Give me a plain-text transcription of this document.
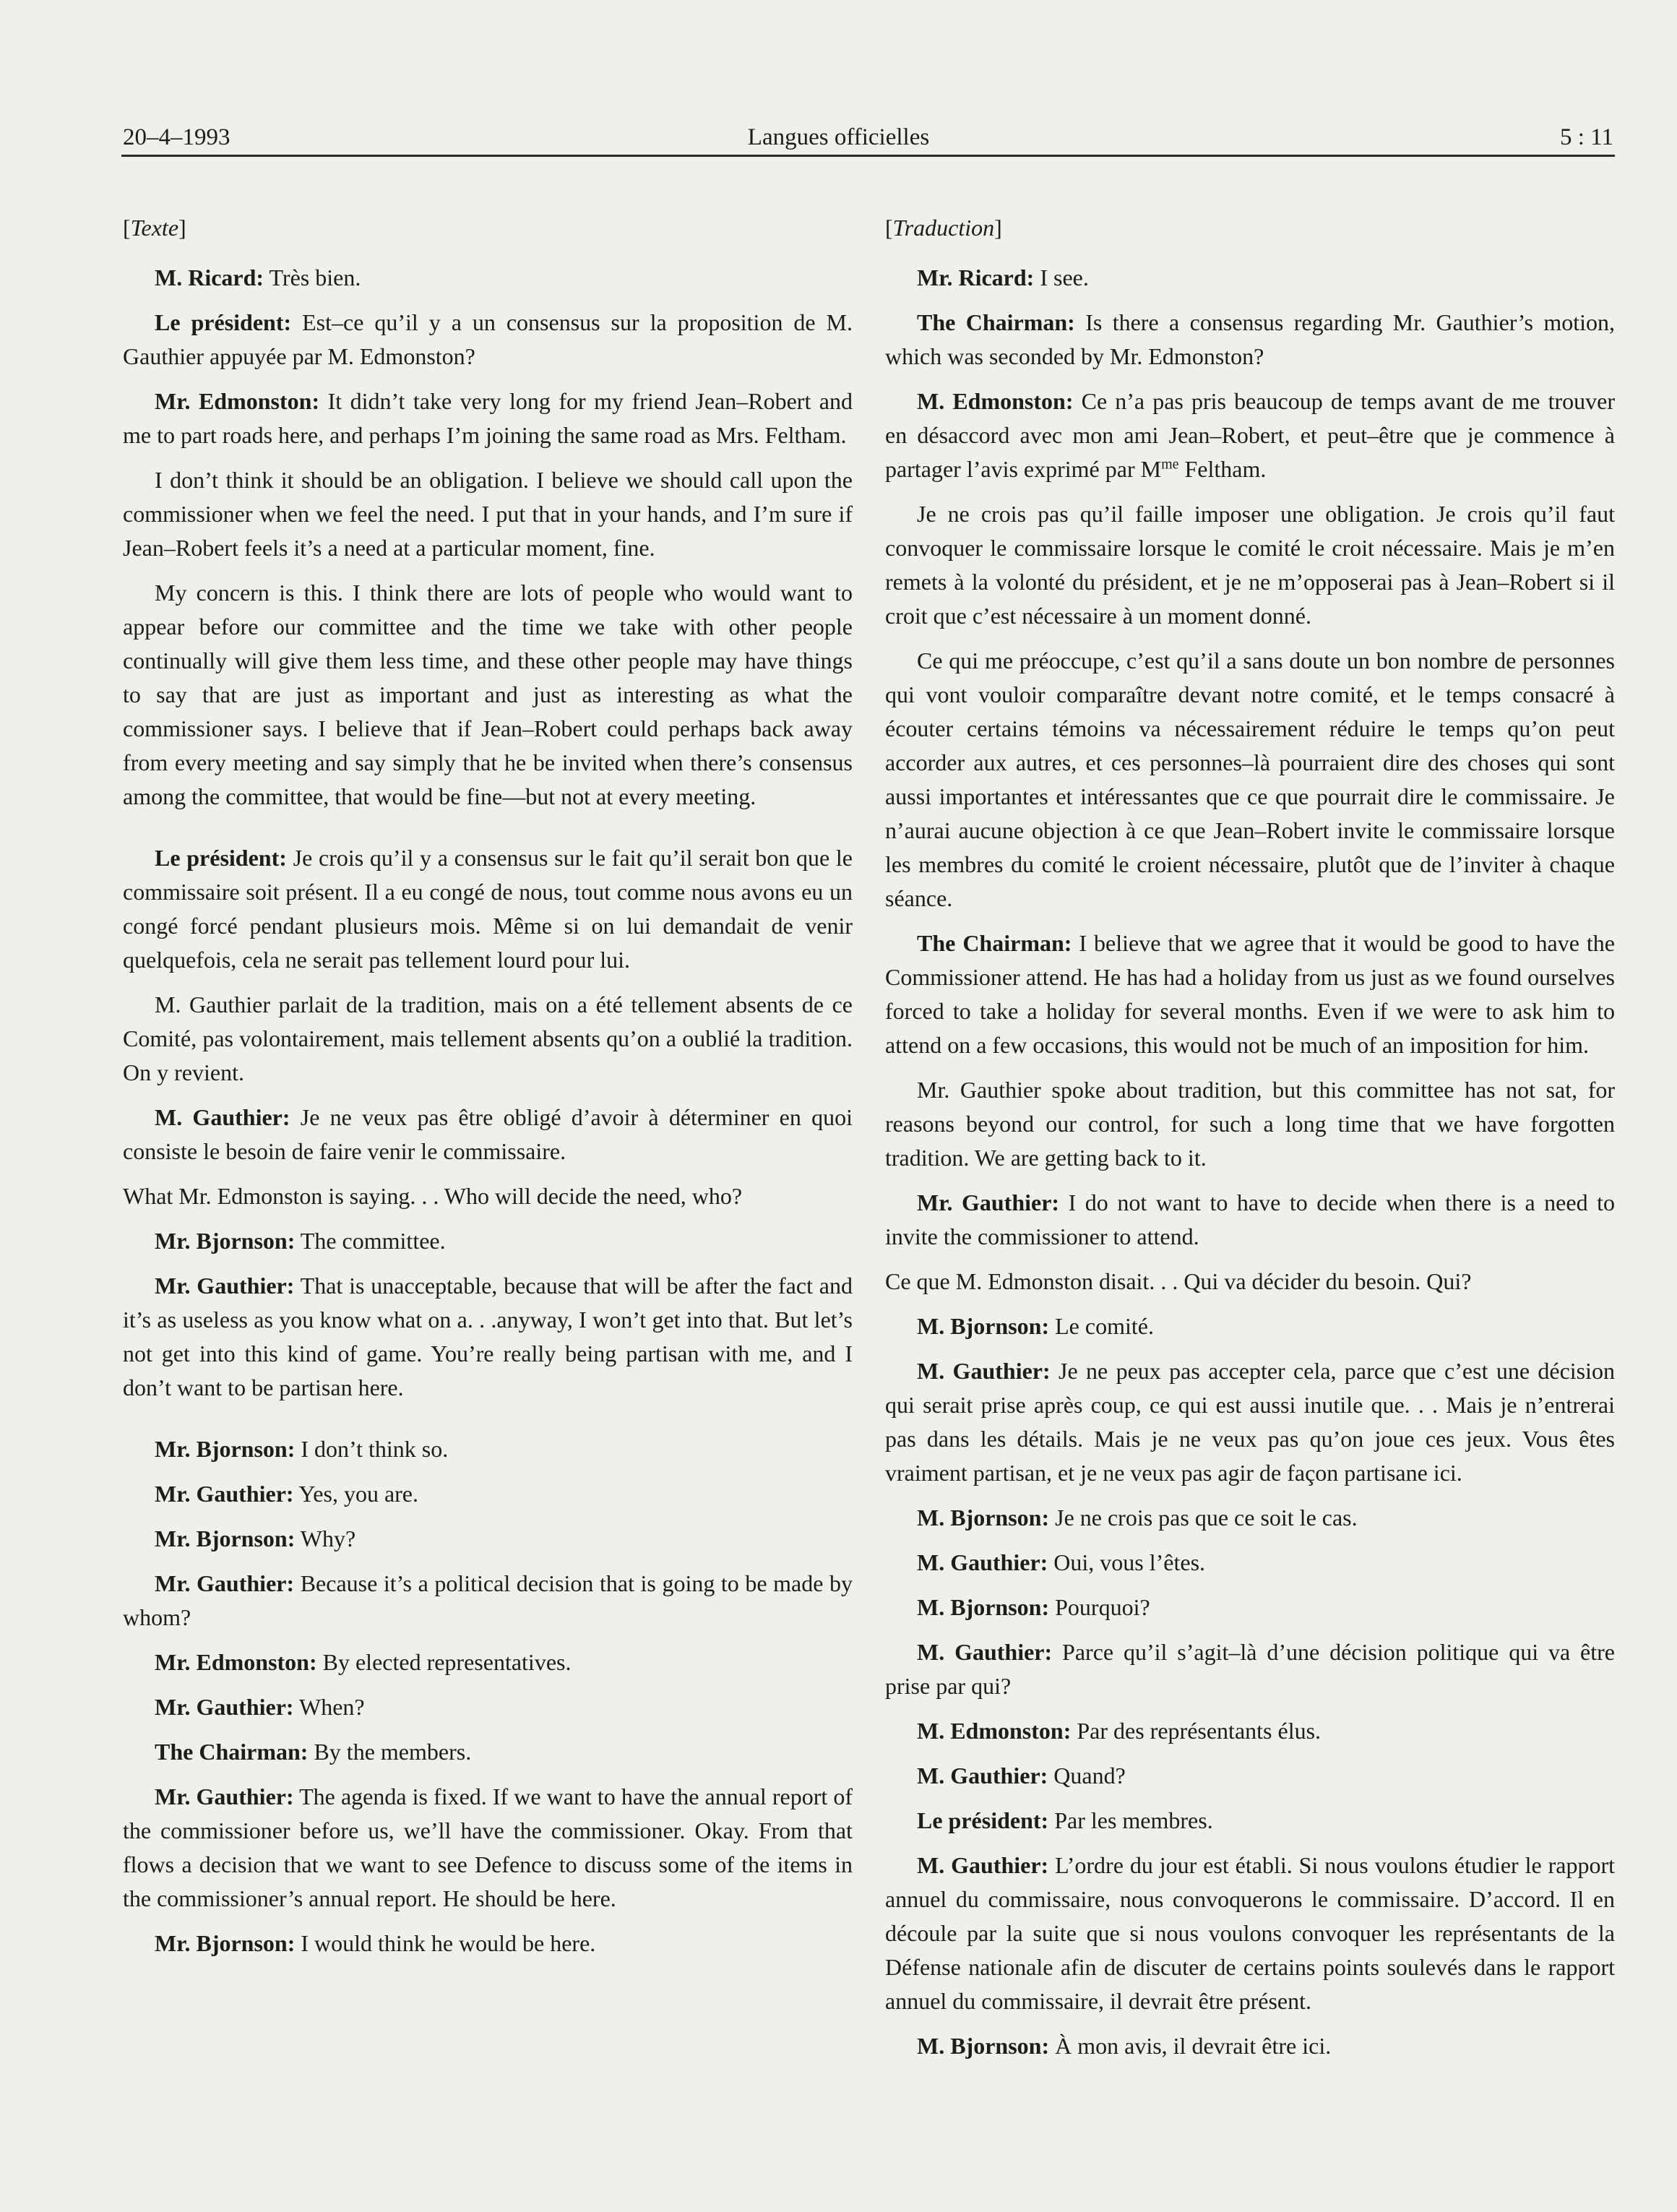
20–4–1993	Langues officielles	5 : 11
[Texte]

M. Ricard: Très bien.

Le président: Est–ce qu’il y a un consensus sur la proposition de M. Gauthier appuyée par M. Edmonston?

Mr. Edmonston: It didn’t take very long for my friend Jean–Robert and me to part roads here, and perhaps I’m joining the same road as Mrs. Feltham.

I don’t think it should be an obligation. I believe we should call upon the commissioner when we feel the need. I put that in your hands, and I’m sure if Jean–Robert feels it’s a need at a particular moment, fine.

My concern is this. I think there are lots of people who would want to appear before our committee and the time we take with other people continually will give them less time, and these other people may have things to say that are just as important and just as interesting as what the commissioner says. I believe that if Jean–Robert could perhaps back away from every meeting and say simply that he be invited when there’s consensus among the committee, that would be fine—but not at every meeting.

Le président: Je crois qu’il y a consensus sur le fait qu’il serait bon que le commissaire soit présent. Il a eu congé de nous, tout comme nous avons eu un congé forcé pendant plusieurs mois. Même si on lui demandait de venir quelquefois, cela ne serait pas tellement lourd pour lui.

M. Gauthier parlait de la tradition, mais on a été tellement absents de ce Comité, pas volontairement, mais tellement absents qu’on a oublié la tradition. On y revient.

M. Gauthier: Je ne veux pas être obligé d’avoir à déterminer en quoi consiste le besoin de faire venir le commissaire.

What Mr. Edmonston is saying. . . Who will decide the need, who?

Mr. Bjornson: The committee.

Mr. Gauthier: That is unacceptable, because that will be after the fact and it’s as useless as you know what on a. . .anyway, I won’t get into that. But let’s not get into this kind of game. You’re really being partisan with me, and I don’t want to be partisan here.

Mr. Bjornson: I don’t think so.

Mr. Gauthier: Yes, you are.

Mr. Bjornson: Why?

Mr. Gauthier: Because it’s a political decision that is going to be made by whom?

Mr. Edmonston: By elected representatives.

Mr. Gauthier: When?

The Chairman: By the members.

Mr. Gauthier: The agenda is fixed. If we want to have the annual report of the commissioner before us, we’ll have the commissioner. Okay. From that flows a decision that we want to see Defence to discuss some of the items in the commissioner’s annual report. He should be here.

Mr. Bjornson: I would think he would be here.

[Traduction]

Mr. Ricard: I see.

The Chairman: Is there a consensus regarding Mr. Gauthier’s motion, which was seconded by Mr. Edmonston?

M. Edmonston: Ce n’a pas pris beaucoup de temps avant de me trouver en désaccord avec mon ami Jean–Robert, et peut–être que je commence à partager l’avis exprimé par $M^{me}$ Feltham.

Je ne crois pas qu’il faille imposer une obligation. Je crois qu’il faut convoquer le commissaire lorsque le comité le croit nécessaire. Mais je m’en remets à la volonté du président, et je ne m’opposerai pas à Jean–Robert si il croit que c’est nécessaire à un moment donné.

Ce qui me préoccupe, c’est qu’il a sans doute un bon nombre de personnes qui vont vouloir comparaître devant notre comité, et le temps consacré à écouter certains témoins va nécessairement réduire le temps qu’on peut accorder aux autres, et ces personnes–là pourraient dire des choses qui sont aussi importantes et intéressantes que ce que pourrait dire le commissaire. Je n’aurai aucune objection à ce que Jean–Robert invite le commissaire lorsque les membres du comité le croient nécessaire, plutôt que de l’inviter à chaque séance.

The Chairman: I believe that we agree that it would be good to have the Commissioner attend. He has had a holiday from us just as we found ourselves forced to take a holiday for several months. Even if we were to ask him to attend on a few occasions, this would not be much of an imposition for him.

Mr. Gauthier spoke about tradition, but this committee has not sat, for reasons beyond our control, for such a long time that we have forgotten tradition. We are getting back to it.

Mr. Gauthier: I do not want to have to decide when there is a need to invite the commissioner to attend.

Ce que M. Edmonston disait. . . Qui va décider du besoin. Qui?

M. Bjornson: Le comité.

M. Gauthier: Je ne peux pas accepter cela, parce que c’est une décision qui serait prise après coup, ce qui est aussi inutile que. . . Mais je n’entrerai pas dans les détails. Mais je ne veux pas qu’on joue ces jeux. Vous êtes vraiment partisan, et je ne veux pas agir de façon partisane ici.

M. Bjornson: Je ne crois pas que ce soit le cas.

M. Gauthier: Oui, vous l’êtes.

M. Bjornson: Pourquoi?

M. Gauthier: Parce qu’il s’agit–là d’une décision politique qui va être prise par qui?

M. Edmonston: Par des représentants élus.

M. Gauthier: Quand?

Le président: Par les membres.

M. Gauthier: L’ordre du jour est établi. Si nous voulons étudier le rapport annuel du commissaire, nous convoquerons le commissaire. D’accord. Il en découle par la suite que si nous voulons convoquer les représentants de la Défense nationale afin de discuter de certains points soulevés dans le rapport annuel du commissaire, il devrait être présent.

M. Bjornson: À mon avis, il devrait être ici.
